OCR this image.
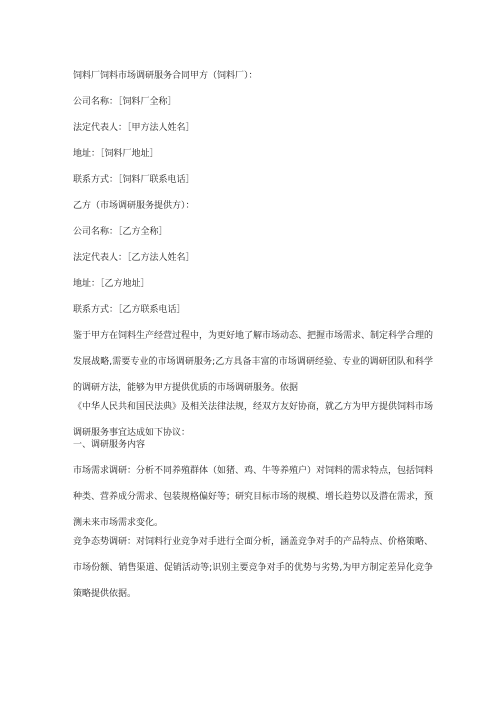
饲料厂饲料市场调研服务合同甲方（饲料厂）：
公司名称：［饲料厂全称］
法定代表人：［甲方法人姓名］
地址：［饲料厂地址］
联系方式：［饲料厂联系电话］
乙方（市场调研服务提供方）：
公司名称：［乙方全称］
法定代表人：［乙方法人姓名］
地址：［乙方地址］
联系方式：［乙方联系电话］
鉴于甲方在饲料生产经营过程中，为更好地了解市场动态、把握市场需求、制定科学合理的发展战略,需要专业的市场调研服务;乙方具备丰富的市场调研经验、专业的调研团队和科学的调研方法，能够为甲方提供优质的市场调研服务。依据
《中华人民共和国民法典》及相关法律法规，经双方友好协商，就乙方为甲方提供饲料市场调研服务事宜达成如下协议：
一、调研服务内容
市场需求调研：分析不同养殖群体（如猪、鸡、牛等养殖户）对饲料的需求特点，包括饲料种类、营养成分需求、包装规格偏好等；研究目标市场的规模、增长趋势以及潜在需求，预测未来市场需求变化。
竞争态势调研：对饲料行业竞争对手进行全面分析，涵盖竞争对手的产品特点、价格策略、市场份额、销售渠道、促销活动等;识别主要竞争对手的优势与劣势,为甲方制定差异化竞争策略提供依据。
